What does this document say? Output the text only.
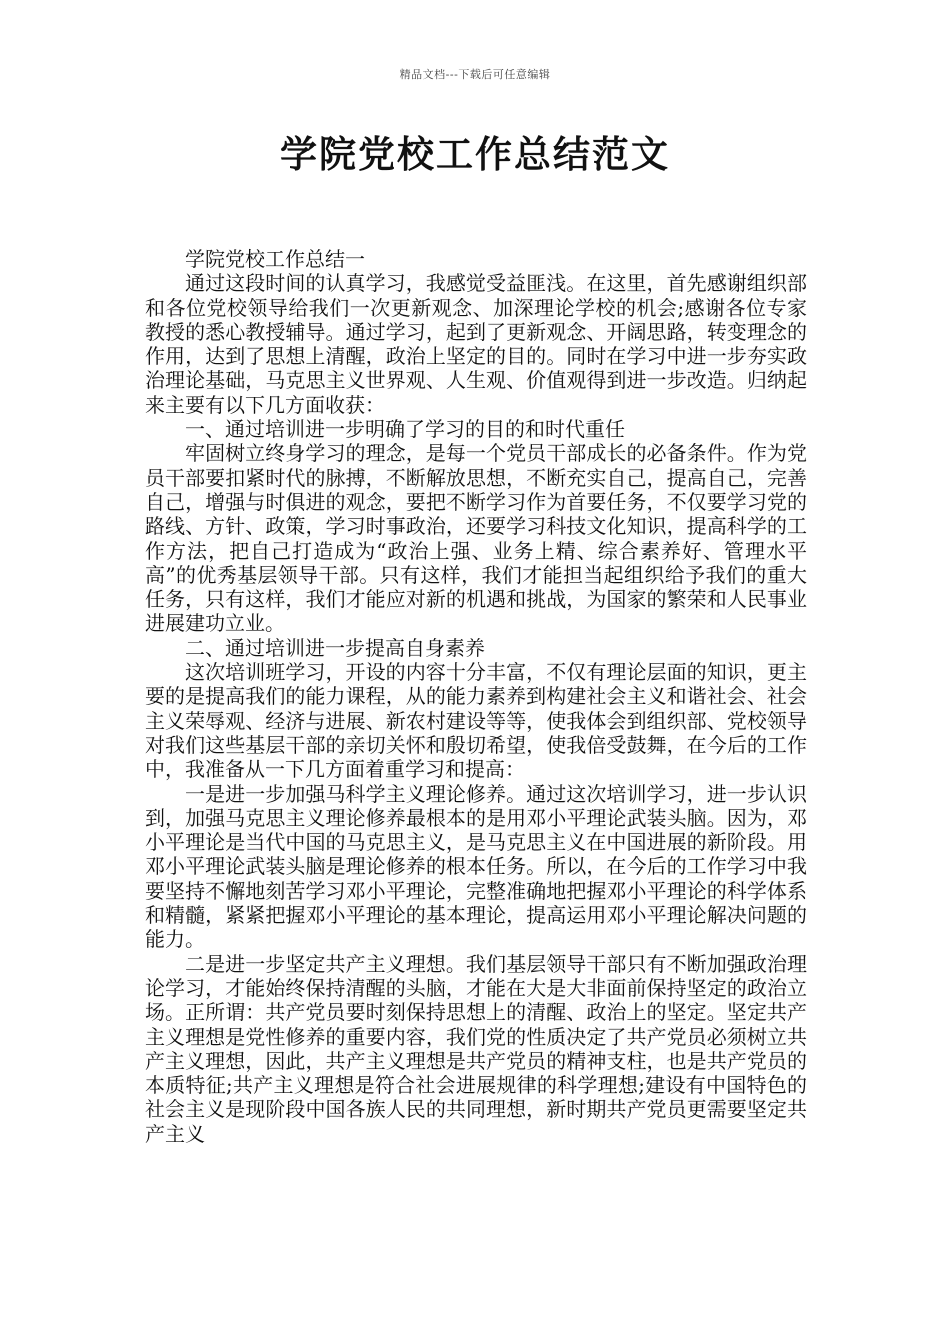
精品文档---下载后可任意编辑
学院党校工作总结范文

学院党校工作总结一

通过这段时间的认真学习，我感觉受益匪浅。在这里，首先感谢组织部和各位党校领导给我们一次更新观念、加深理论学校的机会;感谢各位专家教授的悉心教授辅导。通过学习，起到了更新观念、开阔思路，转变理念的作用，达到了思想上清醒，政治上坚定的目的。同时在学习中进一步夯实政治理论基础，马克思主义世界观、人生观、价值观得到进一步改造。归纳起来主要有以下几方面收获：

一、通过培训进一步明确了学习的目的和时代重任

牢固树立终身学习的理念，是每一个党员干部成长的必备条件。作为党员干部要扣紧时代的脉搏，不断解放思想，不断充实自己，提高自己，完善自己，增强与时俱进的观念，要把不断学习作为首要任务，不仅要学习党的路线、方针、政策，学习时事政治，还要学习科技文化知识，提高科学的工作方法，把自己打造成为“政治上强、业务上精、综合素养好、管理水平高”的优秀基层领导干部。只有这样，我们才能担当起组织给予我们的重大任务，只有这样，我们才能应对新的机遇和挑战，为国家的繁荣和人民事业进展建功立业。

二、通过培训进一步提高自身素养

这次培训班学习，开设的内容十分丰富，不仅有理论层面的知识，更主要的是提高我们的能力课程，从的能力素养到构建社会主义和谐社会、社会主义荣辱观、经济与进展、新农村建设等等，使我体会到组织部、党校领导对我们这些基层干部的亲切关怀和殷切希望，使我倍受鼓舞，在今后的工作中，我准备从一下几方面着重学习和提高：

一是进一步加强马科学主义理论修养。通过这次培训学习，进一步认识到，加强马克思主义理论修养最根本的是用邓小平理论武装头脑。因为，邓小平理论是当代中国的马克思主义，是马克思主义在中国进展的新阶段。用邓小平理论武装头脑是理论修养的根本任务。所以，在今后的工作学习中我要坚持不懈地刻苦学习邓小平理论，完整准确地把握邓小平理论的科学体系和精髓，紧紧把握邓小平理论的基本理论，提高运用邓小平理论解决问题的能力。

二是进一步坚定共产主义理想。我们基层领导干部只有不断加强政治理论学习，才能始终保持清醒的头脑，才能在大是大非面前保持坚定的政治立场。正所谓：共产党员要时刻保持思想上的清醒、政治上的坚定。坚定共产主义理想是党性修养的重要内容，我们党的性质决定了共产党员必须树立共产主义理想，因此，共产主义理想是共产党员的精神支柱，也是共产党员的本质特征;共产主义理想是符合社会进展规律的科学理想;建设有中国特色的社会主义是现阶段中国各族人民的共同理想，新时期共产党员更需要坚定共产主义
